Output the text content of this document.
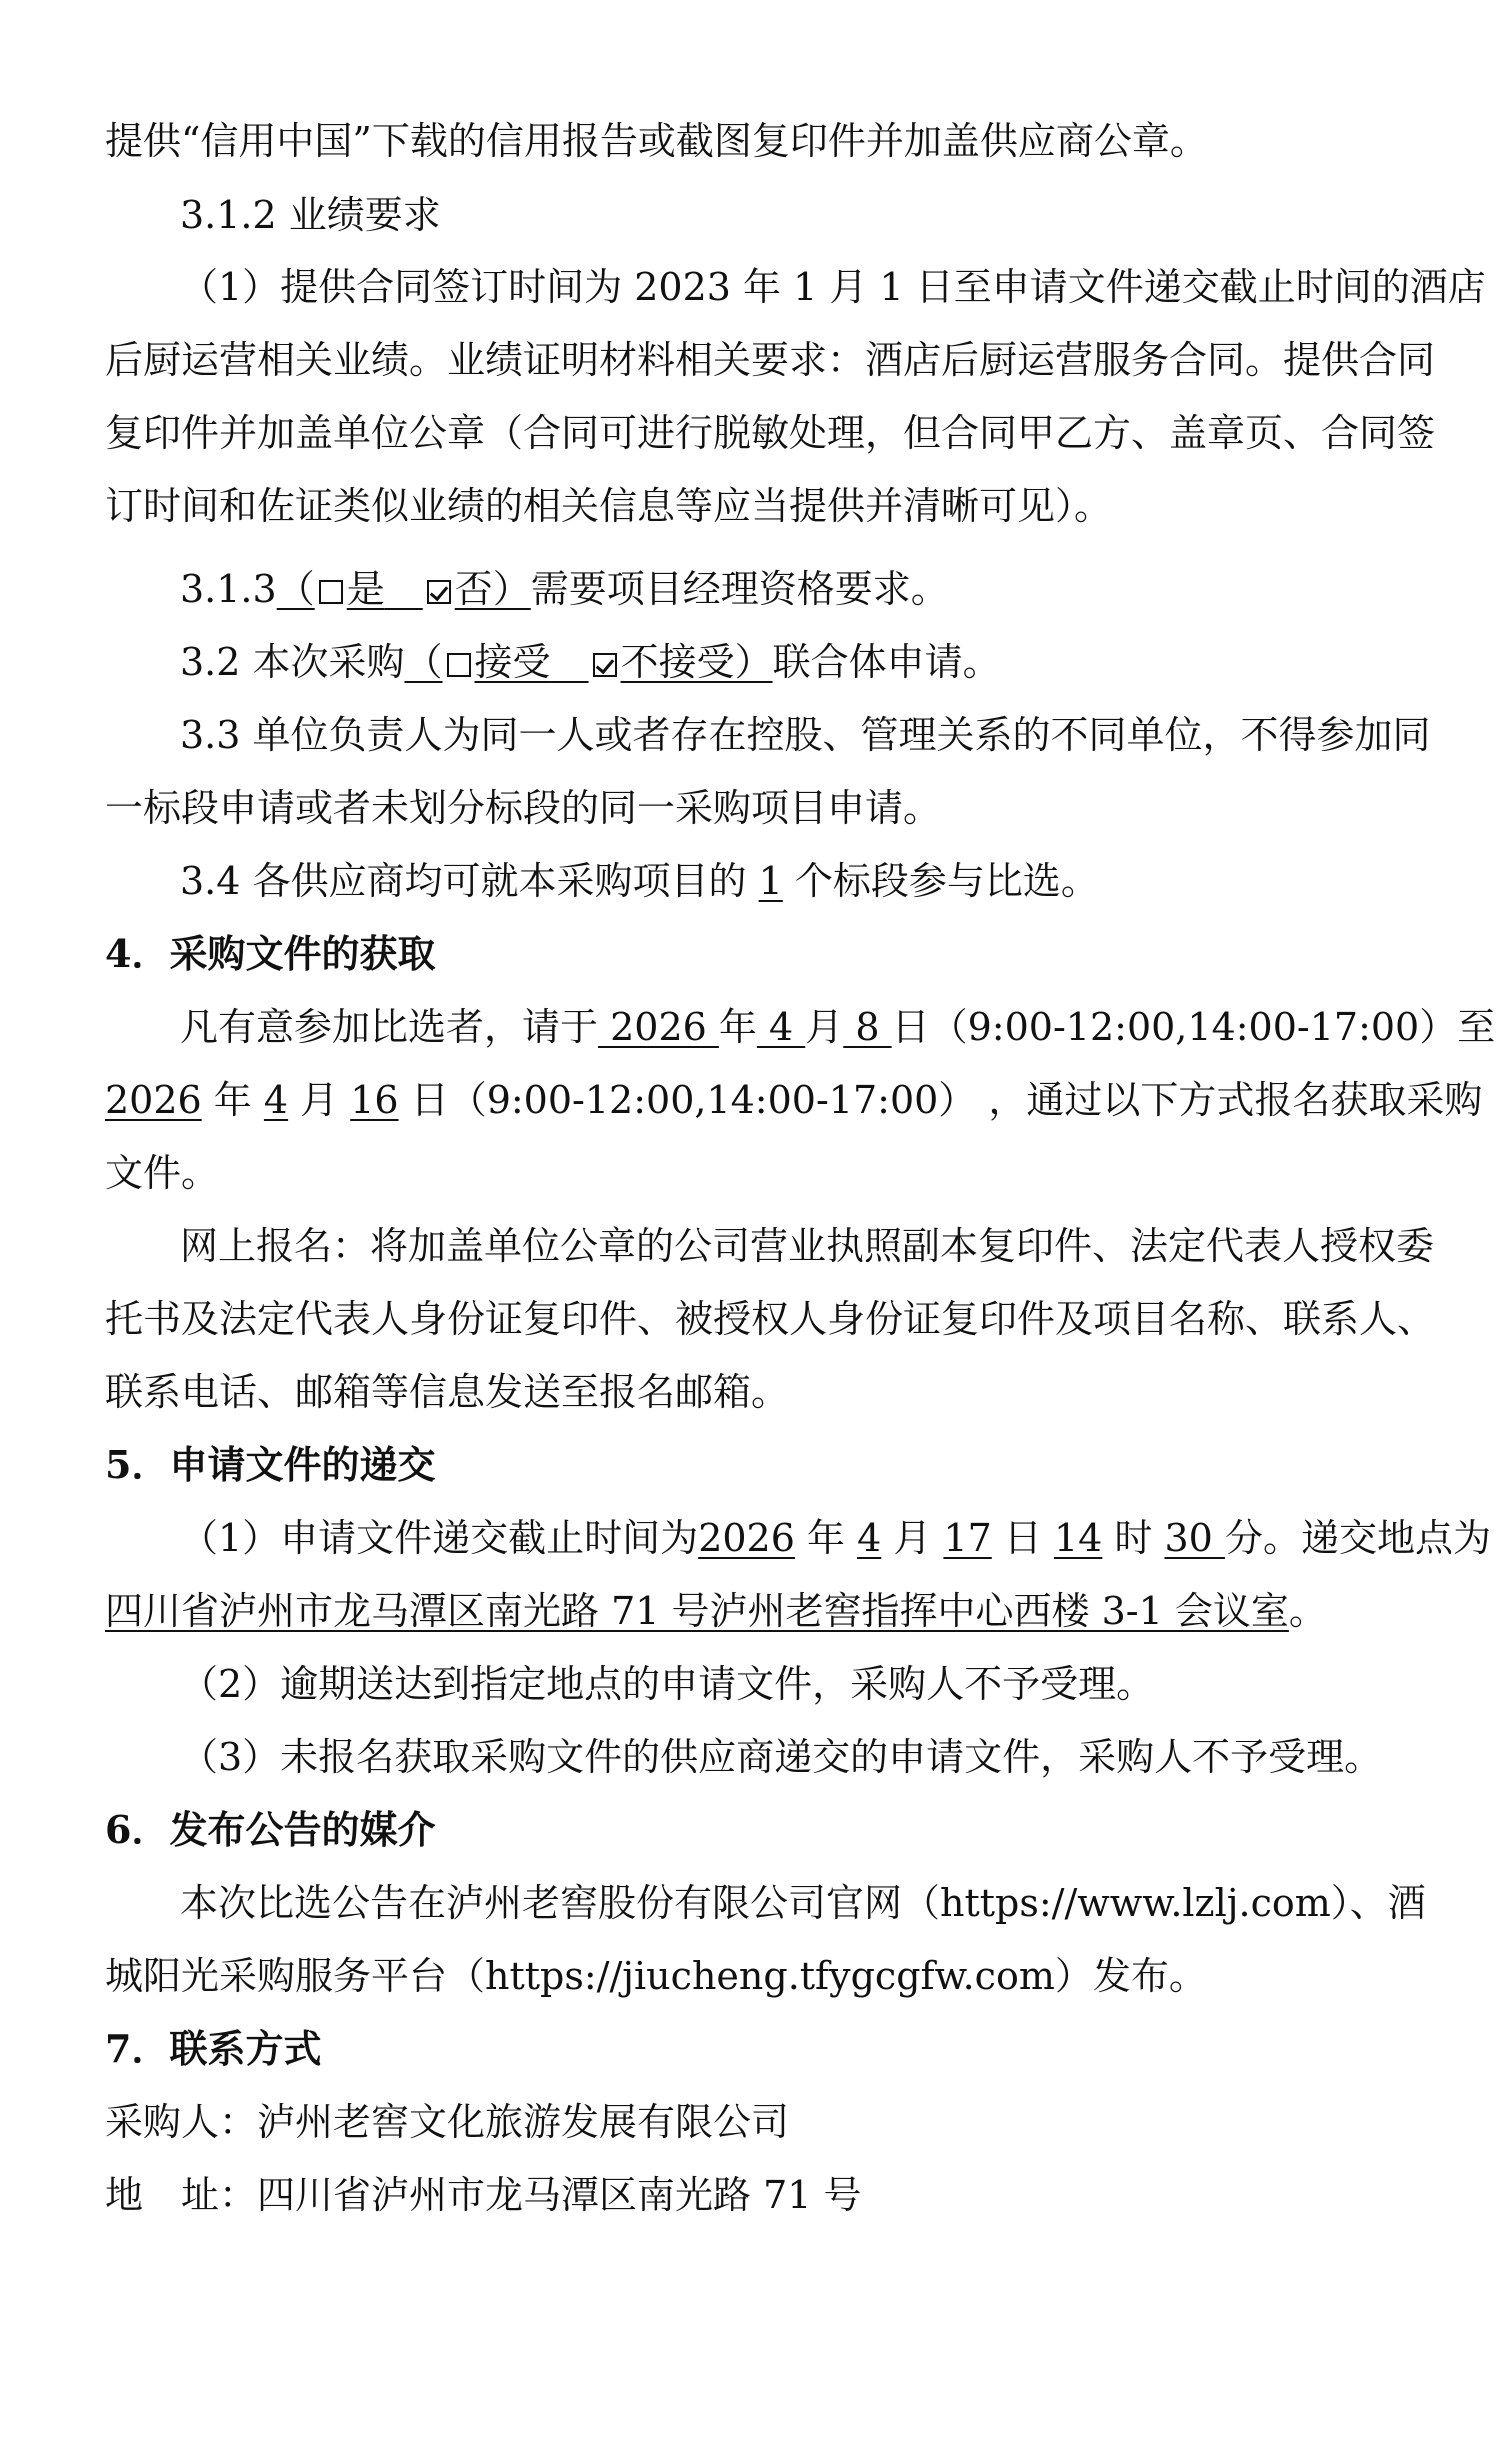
提供“信用中国”下载的信用报告或截图复印件并加盖供应商公章。
3.1.2 业绩要求
（1）提供合同签订时间为 2023 年 1 月 1 日至申请文件递交截止时间的酒店
后厨运营相关业绩。业绩证明材料相关要求：酒店后厨运营服务合同。提供合同
复印件并加盖单位公章（合同可进行脱敏处理，但合同甲乙方、盖章页、合同签
订时间和佐证类似业绩的相关信息等应当提供并清晰可见）。
3.1.3（ 是　 否）需要项目经理资格要求。
3.2 本次采购（ 接受　 不接受）联合体申请。
3.3 单位负责人为同一人或者存在控股、管理关系的不同单位，不得参加同
一标段申请或者未划分标段的同一采购项目申请。
3.4 各供应商均可就本采购项目的 1 个标段参与比选。
4．采购文件的获取
凡有意参加比选者，请于 2026 年 4 月 8 日（9:00-12:00,14:00-17:00）至
2026 年 4 月 16 日（9:00-12:00,14:00-17:00） ，通过以下方式报名获取采购
文件。
网上报名：将加盖单位公章的公司营业执照副本复印件、法定代表人授权委
托书及法定代表人身份证复印件、被授权人身份证复印件及项目名称、联系人、
联系电话、邮箱等信息发送至报名邮箱。
5．申请文件的递交
（1）申请文件递交截止时间为2026 年 4 月 17 日 14 时 30 分。递交地点为
四川省泸州市龙马潭区南光路 71 号泸州老窖指挥中心西楼 3-1 会议室。
（2）逾期送达到指定地点的申请文件，采购人不予受理。
（3）未报名获取采购文件的供应商递交的申请文件，采购人不予受理。
6．发布公告的媒介
本次比选公告在泸州老窖股份有限公司官网（https://www.lzlj.com）、酒
城阳光采购服务平台（https://jiucheng.tfygcgfw.com）发布。
7．联系方式
采购人：泸州老窖文化旅游发展有限公司
地　址：四川省泸州市龙马潭区南光路 71 号
